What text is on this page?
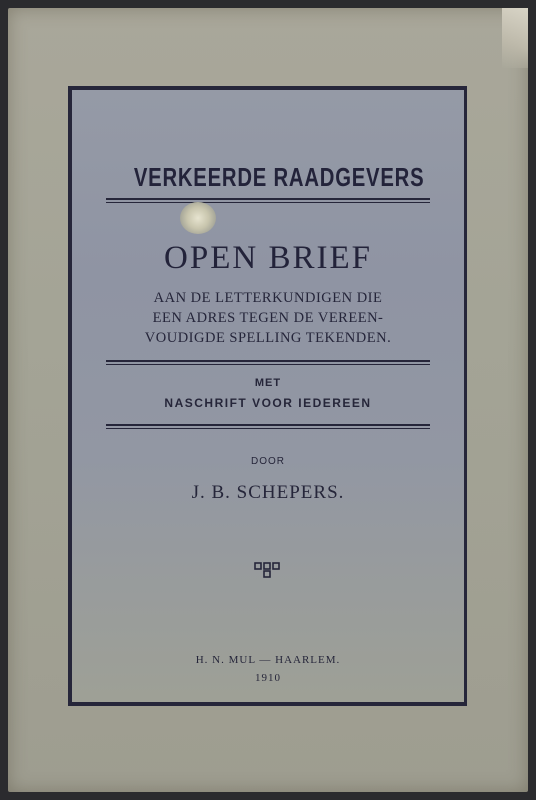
VERKEERDE RAADGEVERS
OPEN BRIEF
AAN DE LETTERKUNDIGEN DIE
EEN ADRES TEGEN DE VEREEN-
VOUDIGDE SPELLING TEKENDEN.
MET
NASCHRIFT VOOR IEDEREEN
DOOR
J. B. SCHEPERS.
H. N. MUL — HAARLEM.
1910
